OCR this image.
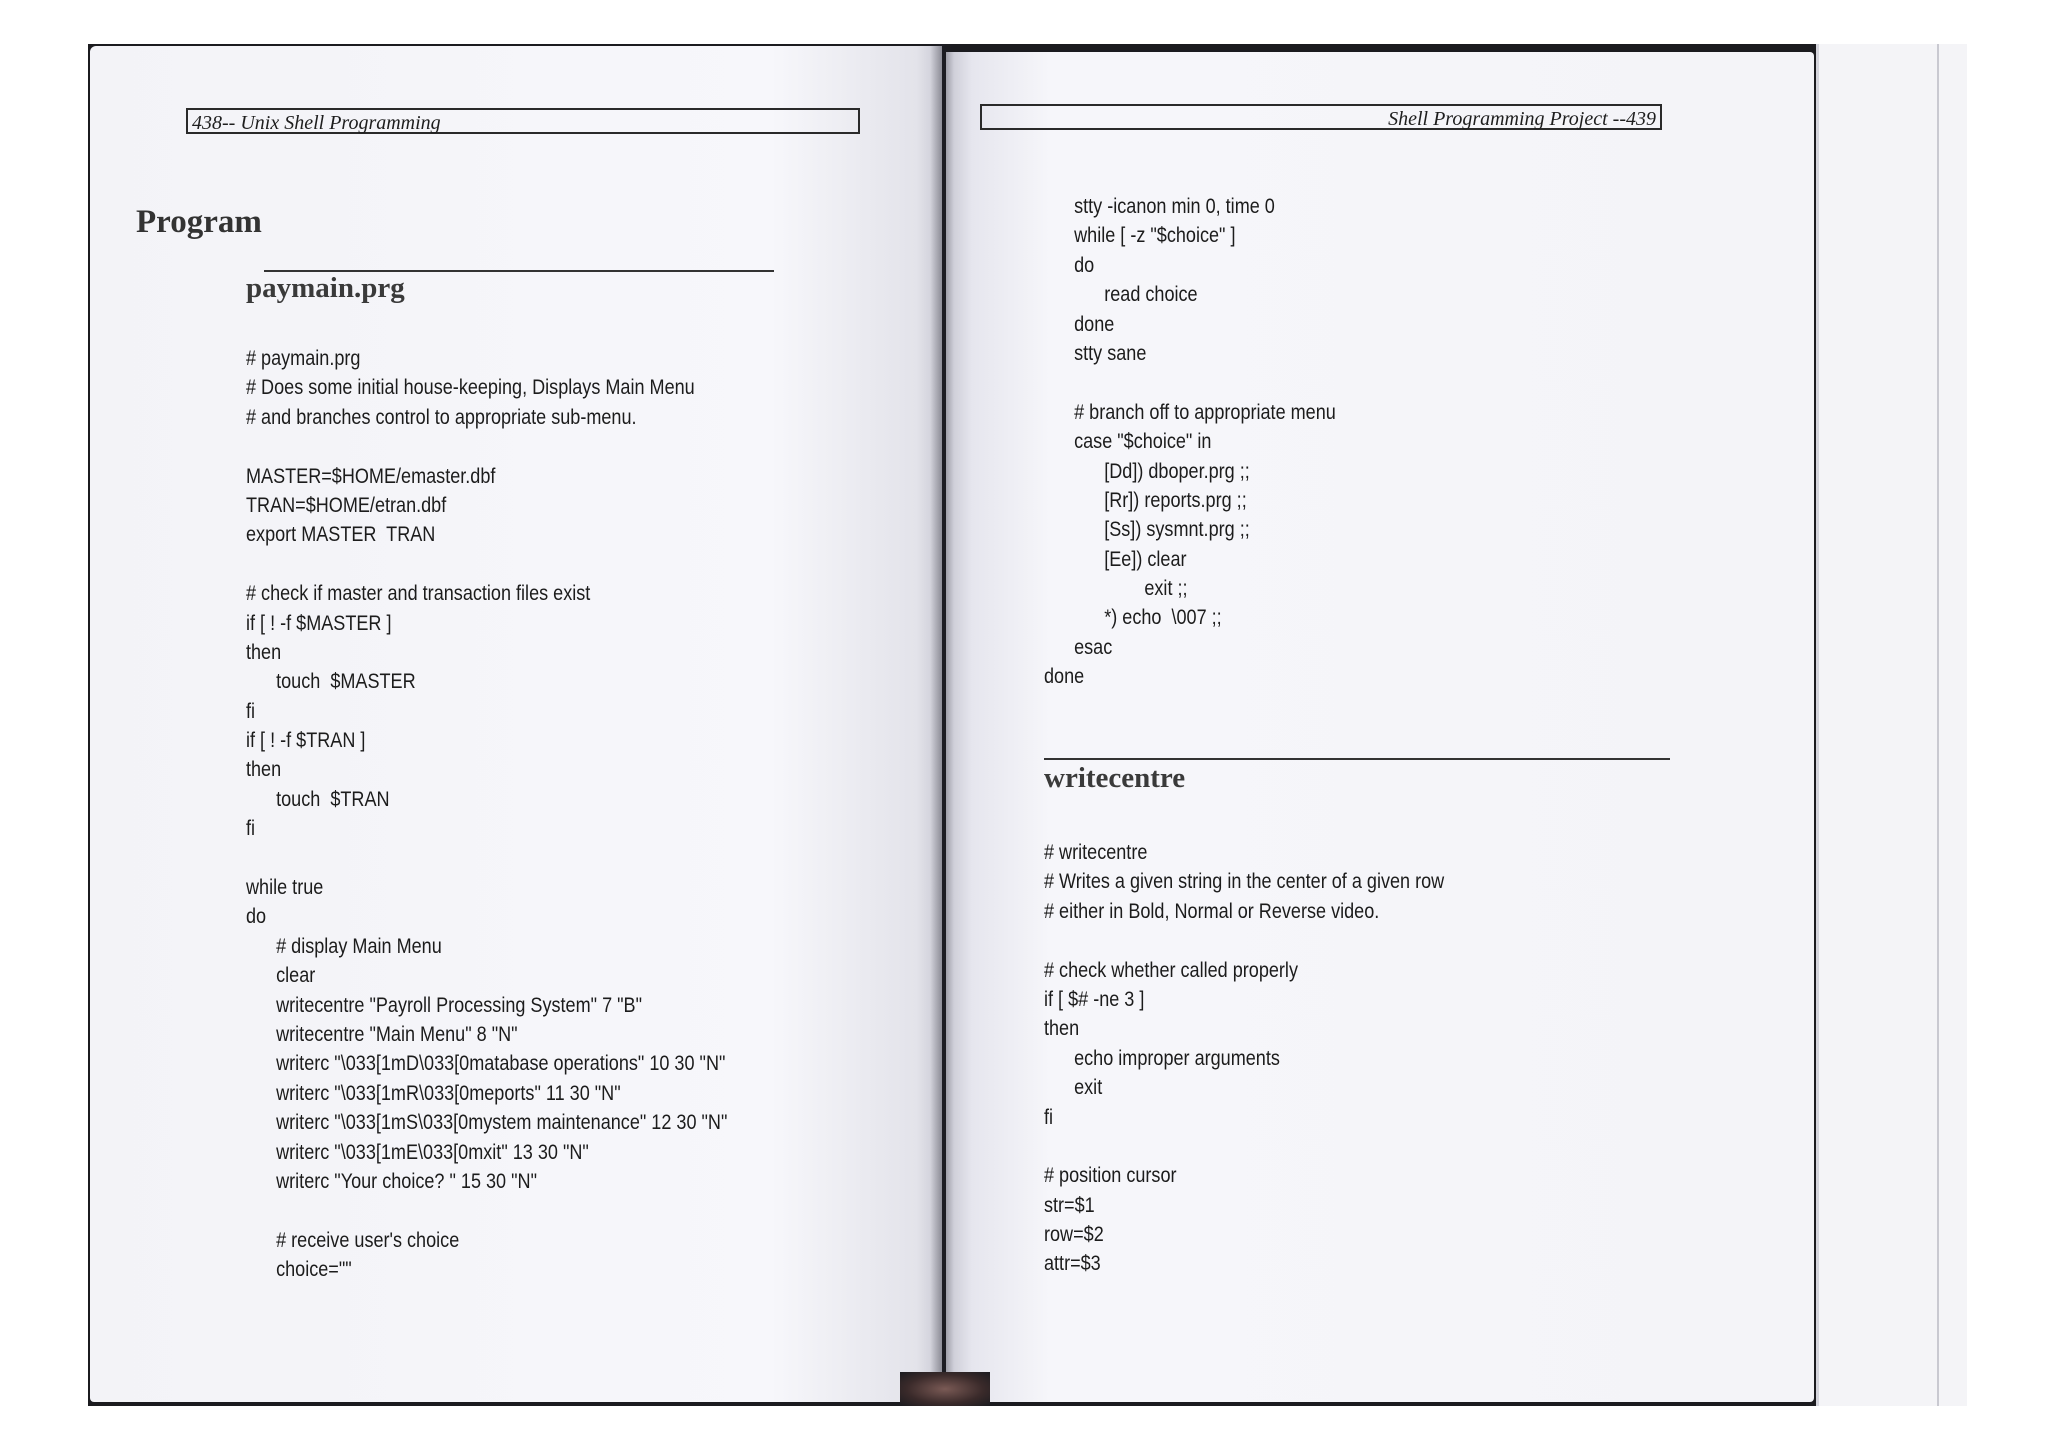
438-- Unix Shell Programming
Program
paymain.prg
# paymain.prg
# Does some initial house-keeping, Displays Main Menu
# and branches control to appropriate sub-menu.
MASTER=$HOME/emaster.dbf
TRAN=$HOME/etran.dbf
export MASTER  TRAN
# check if master and transaction files exist
if [ ! -f $MASTER ]
then
touch  $MASTER
fi
if [ ! -f $TRAN ]
then
touch  $TRAN
fi
while true
do
# display Main Menu
clear
writecentre "Payroll Processing System" 7 "B"
writecentre "Main Menu" 8 "N"
writerc "\033[1mD\033[0matabase operations" 10 30 "N"
writerc "\033[1mR\033[0meports" 11 30 "N"
writerc "\033[1mS\033[0mystem maintenance" 12 30 "N"
writerc "\033[1mE\033[0mxit" 13 30 "N"
writerc "Your choice? " 15 30 "N"
# receive user's choice
choice=""
Shell Programming Project --439
stty -icanon min 0, time 0
while [ -z "$choice" ]
do
read choice
done
stty sane
# branch off to appropriate menu
case "$choice" in
[Dd]) dboper.prg ;;
[Rr]) reports.prg ;;
[Ss]) sysmnt.prg ;;
[Ee]) clear
exit ;;
*) echo  \007 ;;
esac
done
writecentre
# writecentre
# Writes a given string in the center of a given row
# either in Bold, Normal or Reverse video.
# check whether called properly
if [ $# -ne 3 ]
then
echo improper arguments
exit
fi
# position cursor
str=$1
row=$2
attr=$3
